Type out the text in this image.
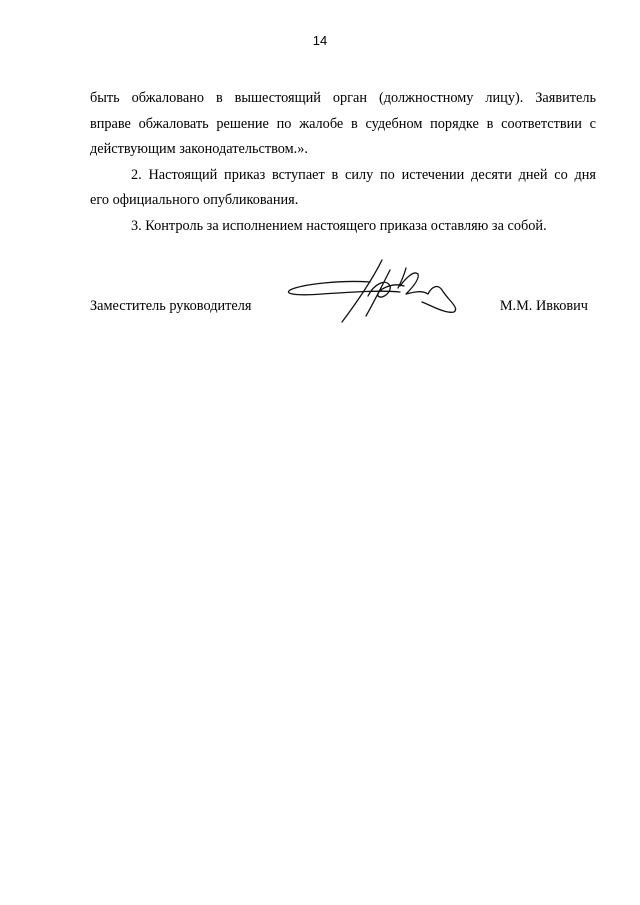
14

быть обжаловано в вышестоящий орган (должностному лицу). Заявитель
вправе обжаловать решение по жалобе в судебном порядке в соответствии с
действующим законодательством.».

2. Настоящий приказ вступает в силу по истечении десяти дней со дня
его официального опубликования.

3. Контроль за исполнением настоящего приказа оставляю за собой.

Заместитель руководителя	М.М. Ивкович
